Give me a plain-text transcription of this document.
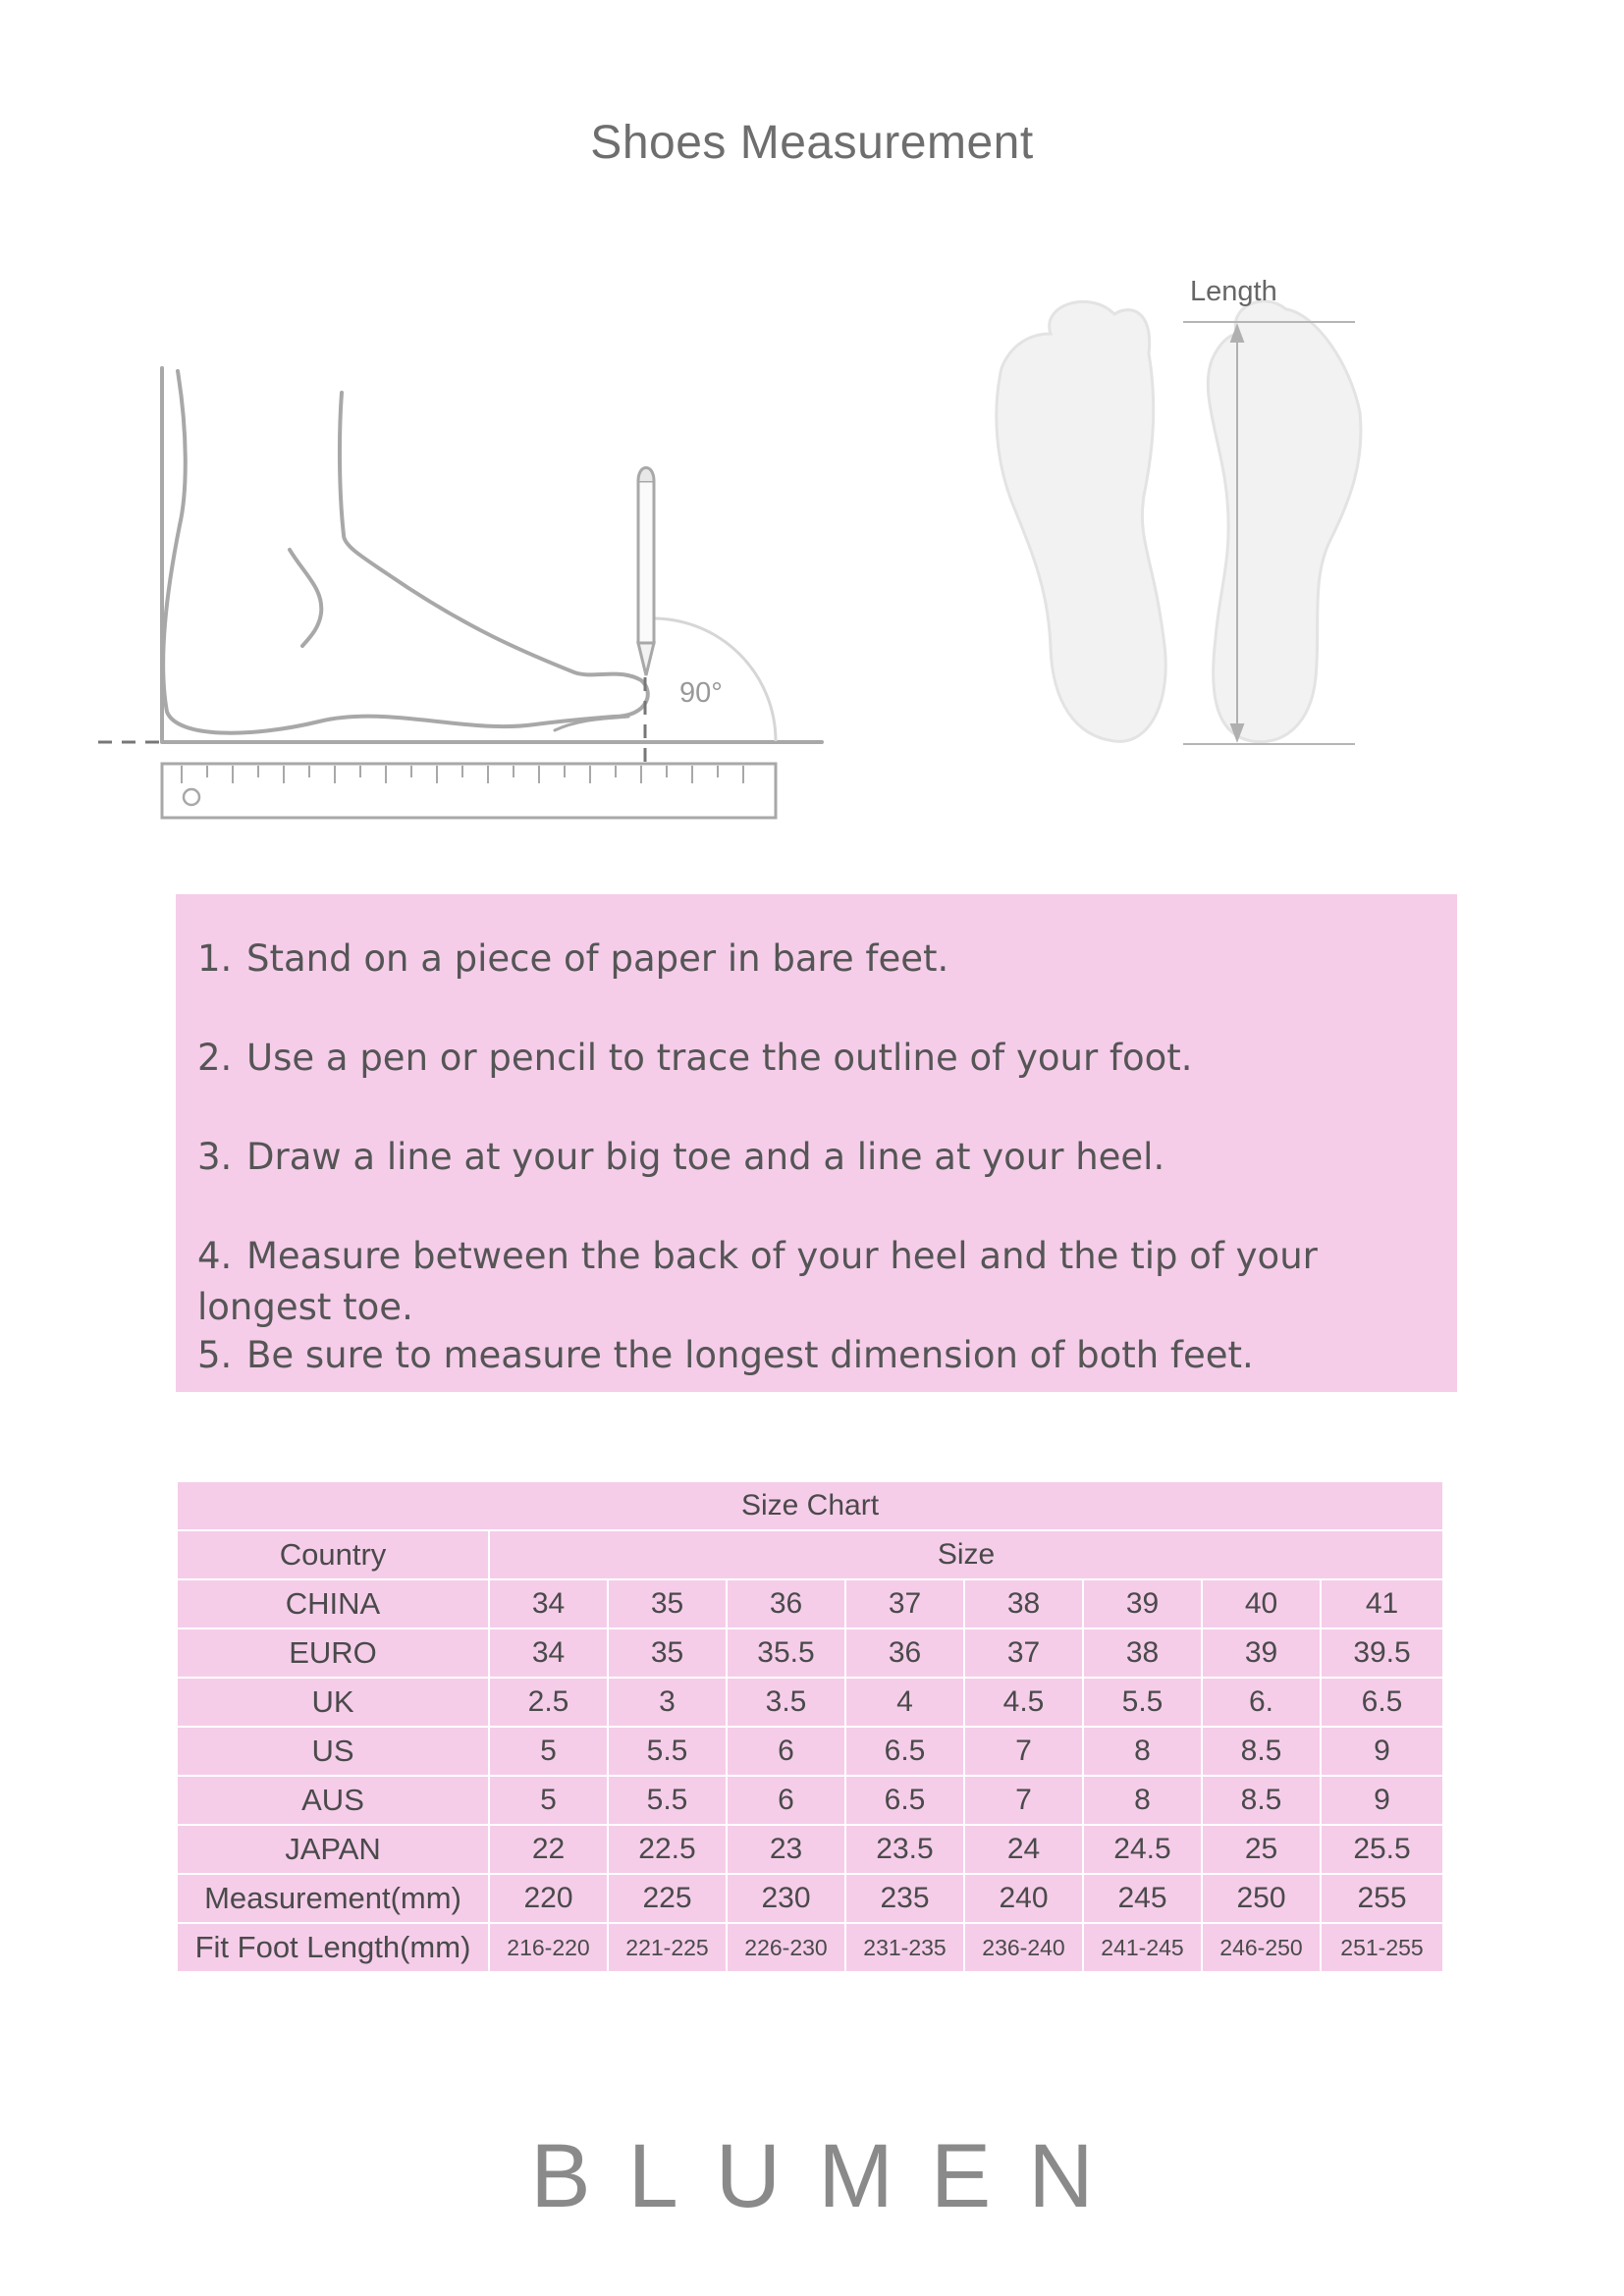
Shoes Measurement
90°
Length
1. Stand on a piece of paper in bare feet.
2. Use a pen or pencil to trace the outline of your foot.
3. Draw a line at your big toe and a line at your heel.
4. Measure between the back of your heel and the tip of your longest toe.
5. Be sure to measure the longest dimension of both feet.
Size Chart								
Country	Size							
CHINA	34	35	36	37	38	39	40	41
EURO	34	35	35.5	36	37	38	39	39.5
UK	2.5	3	3.5	4	4.5	5.5	6.	6.5
US	5	5.5	6	6.5	7	8	8.5	9
AUS	5	5.5	6	6.5	7	8	8.5	9
JAPAN	22	22.5	23	23.5	24	24.5	25	25.5
Measurement(mm)	220	225	230	235	240	245	250	255
Fit Foot Length(mm)	216-220	221-225	226-230	231-235	236-240	241-245	246-250	251-255
BLUMEN
